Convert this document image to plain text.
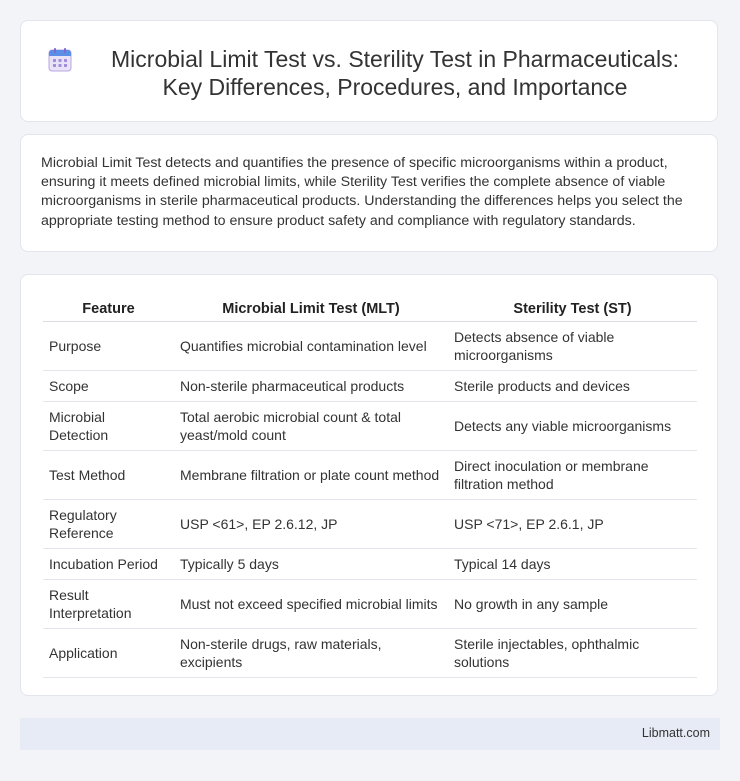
Microbial Limit Test vs. Sterility Test in Pharmaceuticals: Key Differences, Procedures, and Importance

Microbial Limit Test detects and quantifies the presence of specific microorganisms within a product, ensuring it meets defined microbial limits, while Sterility Test verifies the complete absence of viable microorganisms in sterile pharmaceutical products. Understanding the differences helps you select the appropriate testing method to ensure product safety and compliance with regulatory standards.

Feature	Microbial Limit Test (MLT)	Sterility Test (ST)
Purpose	Quantifies microbial contamination level	Detects absence of viable microorganisms
Scope	Non-sterile pharmaceutical products	Sterile products and devices
Microbial Detection	Total aerobic microbial count & total yeast/mold count	Detects any viable microorganisms
Test Method	Membrane filtration or plate count method	Direct inoculation or membrane filtration method
Regulatory Reference	USP <61>, EP 2.6.12, JP	USP <71>, EP 2.6.1, JP
Incubation Period	Typically 5 days	Typical 14 days
Result Interpretation	Must not exceed specified microbial limits	No growth in any sample
Application	Non-sterile drugs, raw materials, excipients	Sterile injectables, ophthalmic solutions
Libmatt.com
